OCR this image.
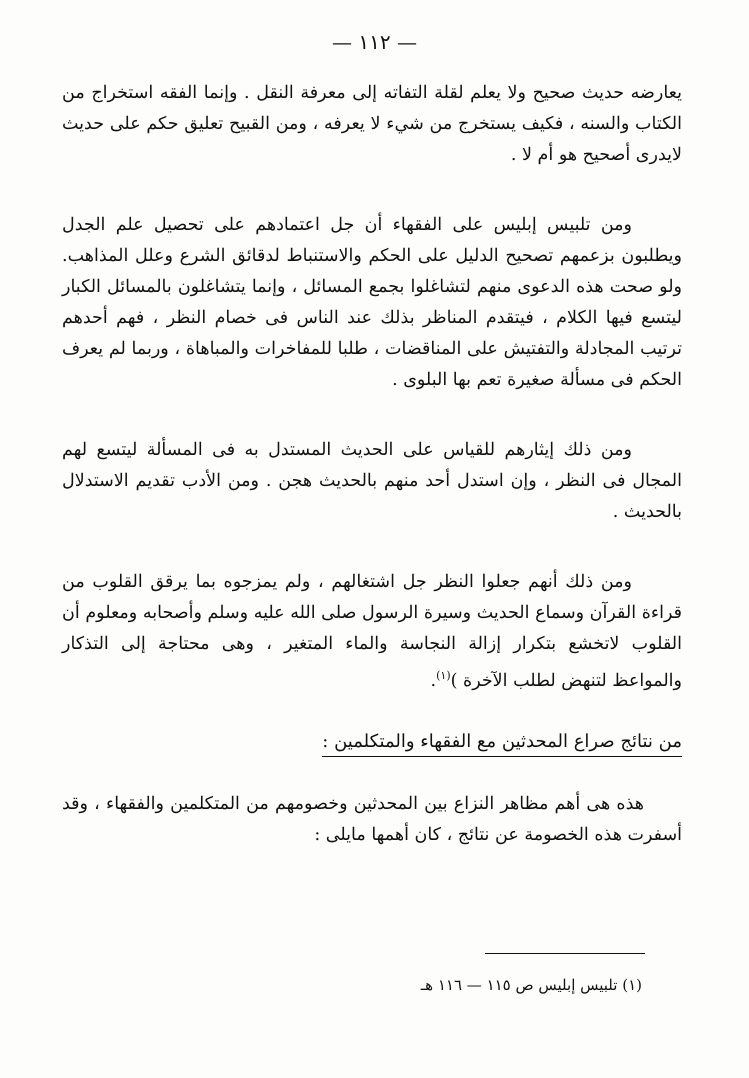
— ١١٢ —

يعارضه حديث صحيح ولا يعلم لقلة التفاته إلى معرفة النقل . وإنما الفقه استخراج من الكتاب والسنه ، فكيف يستخرج من شيء لا يعرفه ، ومن القبيح تعليق حكم على حديث لايدرى أصحيح هو أم لا .

ومن تلبيس إبليس على الفقهاء أن جل اعتمادهم على تحصيل علم الجدل ويطلبون بزعمهم تصحيح الدليل على الحكم والاستنباط لدقائق الشرع وعلل المذاهب. ولو صحت هذه الدعوى منهم لتشاغلوا بجمع المسائل ، وإنما يتشاغلون بالمسائل الكبار ليتسع فيها الكلام ، فيتقدم المناظر بذلك عند الناس فى خصام النظر ، فهم أحدهم ترتيب المجادلة والتفتيش على المناقضات ، طلبا للمفاخرات والمباهاة ، وربما لم يعرف الحكم فى مسألة صغيرة تعم بها البلوى .

ومن ذلك إيثارهم للقياس على الحديث المستدل به فى المسألة ليتسع لهم المجال فى النظر ، وإن استدل أحد منهم بالحديث هجن . ومن الأدب تقديم الاستدلال بالحديث .

ومن ذلك أنهم جعلوا النظر جل اشتغالهم ، ولم يمزجوه بما يرقق القلوب من قراءة القرآن وسماع الحديث وسيرة الرسول صلى الله عليه وسلم وأصحابه ومعلوم أن القلوب لاتخشع بتكرار إزالة النجاسة والماء المتغير ، وهى محتاجة إلى التذكار والمواعظ لتنهض لطلب الآخرة )$^{(١)}$.

من نتائج صراع المحدثين مع الفقهاء والمتكلمين :

هذه هى أهم مظاهر النزاع بين المحدثين وخصومهم من المتكلمين والفقهاء ، وقد أسفرت هذه الخصومة عن نتائج ، كان أهمها مايلى :

(١) تلبيس إبليس ص ١١٥ — ١١٦ هـ
